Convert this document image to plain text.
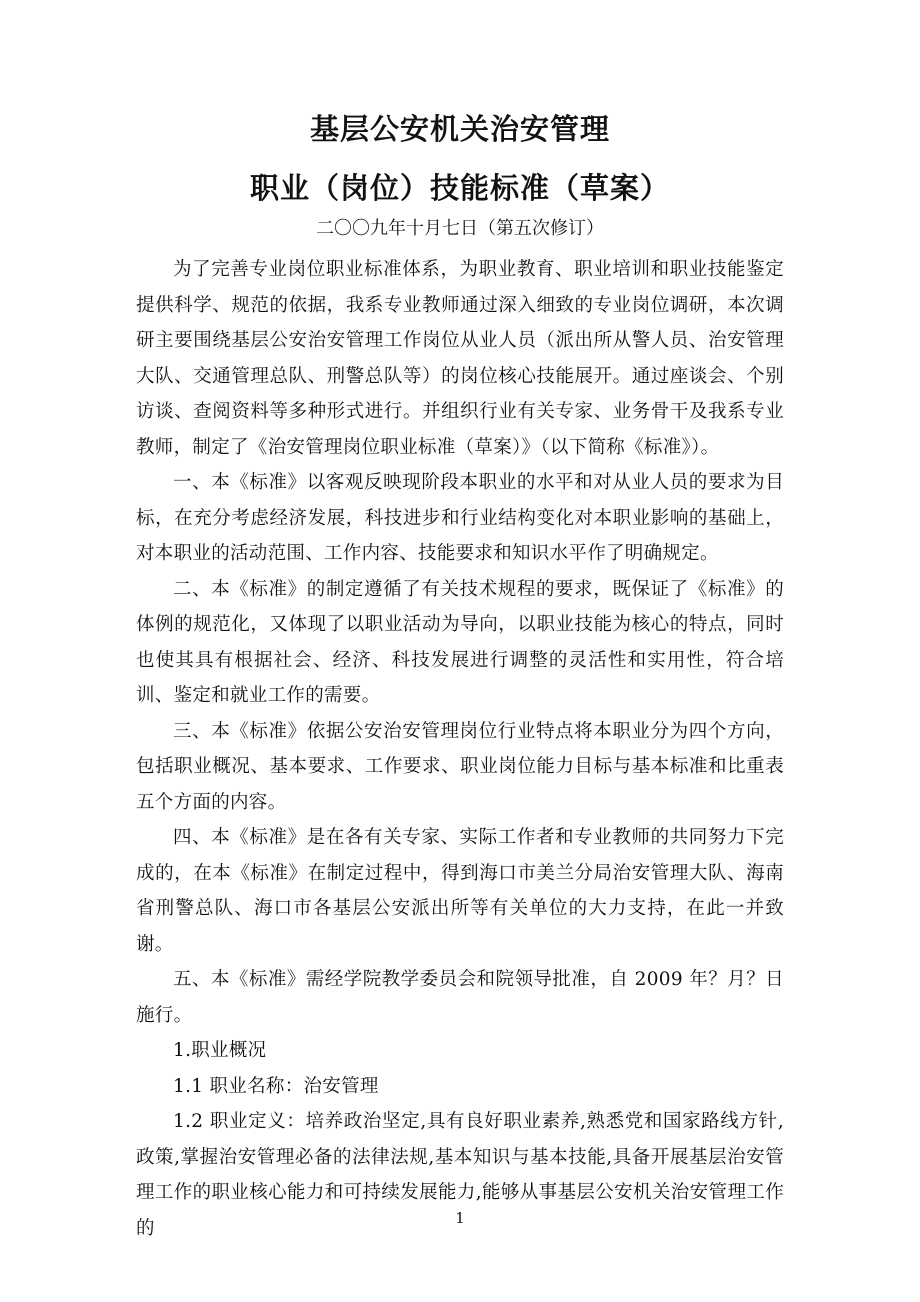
基层公安机关治安管理
职业（岗位）技能标准（草案）
二〇〇九年十月七日（第五次修订）

为了完善专业岗位职业标准体系，为职业教育、职业培训和职业技能鉴定提供科学、规范的依据，我系专业教师通过深入细致的专业岗位调研，本次调研主要围绕基层公安治安管理工作岗位从业人员（派出所从警人员、治安管理大队、交通管理总队、刑警总队等）的岗位核心技能展开。通过座谈会、个别访谈、查阅资料等多种形式进行。并组织行业有关专家、业务骨干及我系专业教师，制定了《治安管理岗位职业标准（草案）》（以下简称《标准》）。

一、本《标准》以客观反映现阶段本职业的水平和对从业人员的要求为目标，在充分考虑经济发展，科技进步和行业结构变化对本职业影响的基础上，对本职业的活动范围、工作内容、技能要求和知识水平作了明确规定。

二、本《标准》的制定遵循了有关技术规程的要求，既保证了《标准》的体例的规范化，又体现了以职业活动为导向，以职业技能为核心的特点，同时也使其具有根据社会、经济、科技发展进行调整的灵活性和实用性，符合培训、鉴定和就业工作的需要。

三、本《标准》依据公安治安管理岗位行业特点将本职业分为四个方向，包括职业概况、基本要求、工作要求、职业岗位能力目标与基本标准和比重表五个方面的内容。

四、本《标准》是在各有关专家、实际工作者和专业教师的共同努力下完成的，在本《标准》在制定过程中，得到海口市美兰分局治安管理大队、海南省刑警总队、海口市各基层公安派出所等有关单位的大力支持，在此一并致谢。

五、本《标准》需经学院教学委员会和院领导批准，自 2009 年？月？日施行。

1.职业概况

1.1 职业名称：治安管理

1.2 职业定义：培养政治坚定,具有良好职业素养,熟悉党和国家路线方针,政策,掌握治安管理必备的法律法规,基本知识与基本技能,具备开展基层治安管理工作的职业核心能力和可持续发展能力,能够从事基层公安机关治安管理工作的	1
